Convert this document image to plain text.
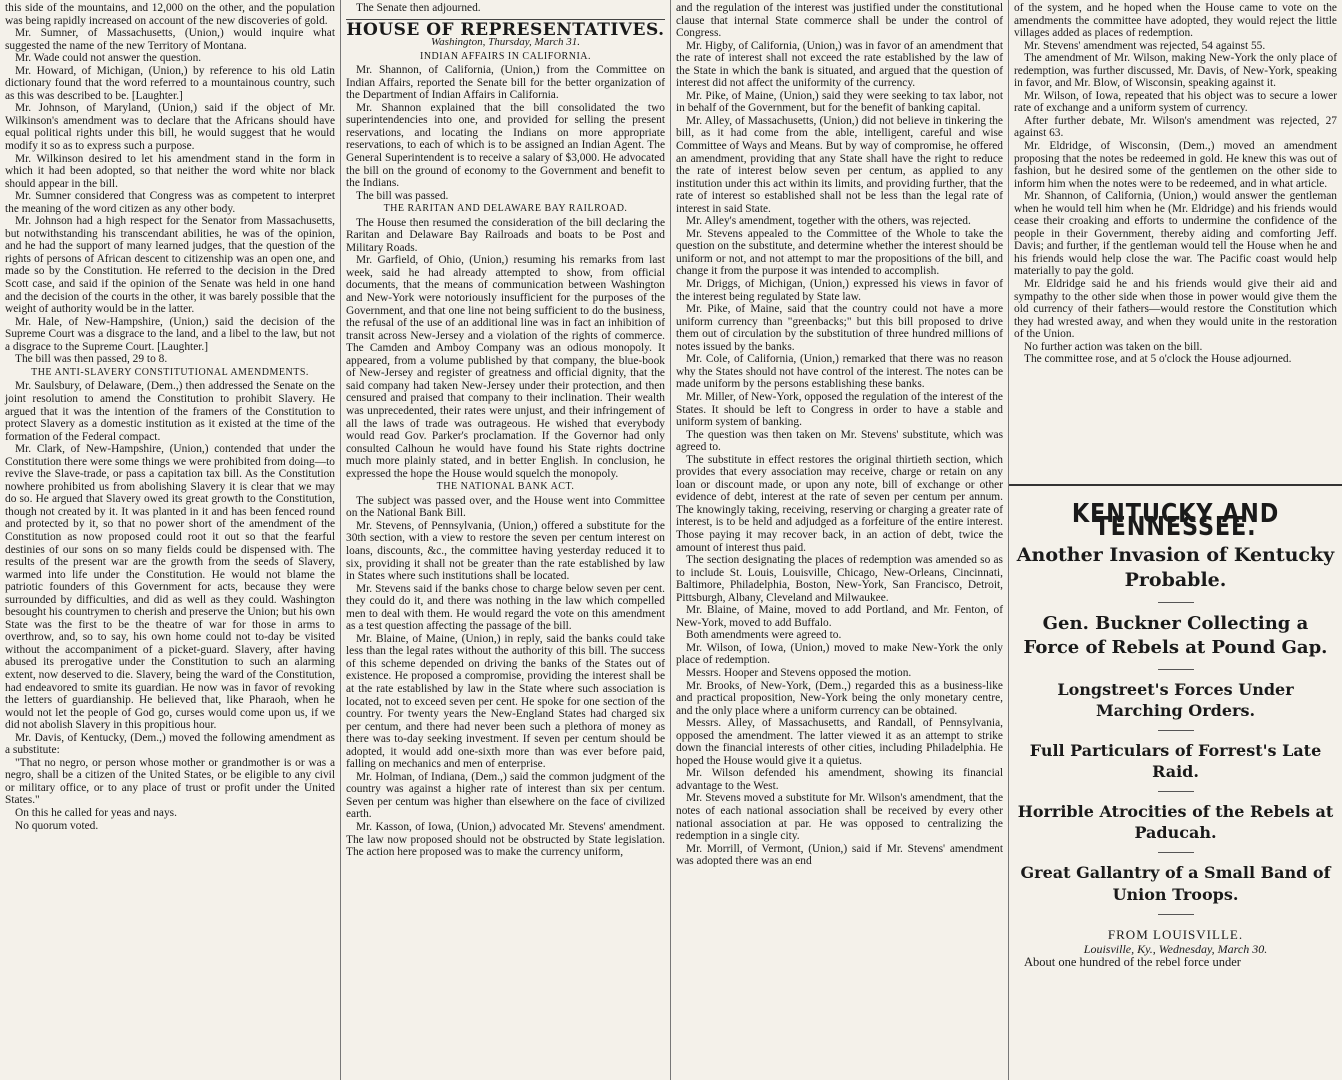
this side of the mountains, and 12,000 on the other, and the population was being rapidly increased on account of the new discoveries of gold.

Mr. Sumner, of Massachusetts, (Union,) would inquire what suggested the name of the new Territory of Montana.

Mr. Wade could not answer the question.

Mr. Howard, of Michigan, (Union,) by reference to his old Latin dictionary found that the word referred to a mountainous country, such as this was described to be. [Laughter.]

Mr. Johnson, of Maryland, (Union,) said if the object of Mr. Wilkinson's amendment was to declare that the Africans should have equal political rights under this bill, he would suggest that he would modify it so as to express such a purpose.

Mr. Wilkinson desired to let his amendment stand in the form in which it had been adopted, so that neither the word white nor black should appear in the bill.

Mr. Sumner considered that Congress was as competent to interpret the meaning of the word citizen as any other body.

Mr. Johnson had a high respect for the Senator from Massachusetts, but notwithstanding his transcendant abilities, he was of the opinion, and he had the support of many learned judges, that the question of the rights of persons of African descent to citizenship was an open one, and made so by the Constitution. He referred to the decision in the Dred Scott case, and said if the opinion of the Senate was held in one hand and the decision of the courts in the other, it was barely possible that the weight of authority would be in the latter.

Mr. Hale, of New-Hampshire, (Union,) said the decision of the Supreme Court was a disgrace to the land, and a libel to the law, but not a disgrace to the Supreme Court. [Laughter.]

The bill was then passed, 29 to 8.

THE ANTI-SLAVERY CONSTITUTIONAL AMENDMENTS.

Mr. Saulsbury, of Delaware, (Dem.,) then addressed the Senate on the joint resolution to amend the Constitution to prohibit Slavery. He argued that it was the intention of the framers of the Constitution to protect Slavery as a domestic institution as it existed at the time of the formation of the Federal compact.

Mr. Clark, of New-Hampshire, (Union,) contended that under the Constitution there were some things we were prohibited from doing—to revive the Slave-trade, or pass a capitation tax bill. As the Constitution nowhere prohibited us from abolishing Slavery it is clear that we may do so. He argued that Slavery owed its great growth to the Constitution, though not created by it. It was planted in it and has been fenced round and protected by it, so that no power short of the amendment of the Constitution as now proposed could root it out so that the fearful destinies of our sons on so many fields could be dispensed with. The results of the present war are the growth from the seeds of Slavery, warmed into life under the Constitution. He would not blame the patriotic founders of this Government for acts, because they were surrounded by difficulties, and did as well as they could. Washington besought his countrymen to cherish and preserve the Union; but his own State was the first to be the theatre of war for those in arms to overthrow, and, so to say, his own home could not to-day be visited without the accompaniment of a picket-guard. Slavery, after having abused its prerogative under the Constitution to such an alarming extent, now deserved to die. Slavery, being the ward of the Constitution, had endeavored to smite its guardian. He now was in favor of revoking the letters of guardianship. He believed that, like Pharaoh, when he would not let the people of God go, curses would come upon us, if we did not abolish Slavery in this propitious hour.

Mr. Davis, of Kentucky, (Dem.,) moved the following amendment as a substitute:

"That no negro, or person whose mother or grandmother is or was a negro, shall be a citizen of the United States, or be eligible to any civil or military office, or to any place of trust or profit under the United States."

On this he called for yeas and nays.

No quorum voted.

The Senate then adjourned.

HOUSE OF REPRESENTATIVES.
Washington, Thursday, March 31.
INDIAN AFFAIRS IN CALIFORNIA.

Mr. Shannon, of California, (Union,) from the Committee on Indian Affairs, reported the Senate bill for the better organization of the Department of Indian Affairs in California.

Mr. Shannon explained that the bill consolidated the two superintendencies into one, and provided for selling the present reservations, and locating the Indians on more appropriate reservations, to each of which is to be assigned an Indian Agent. The General Superintendent is to receive a salary of $3,000. He advocated the bill on the ground of economy to the Government and benefit to the Indians.

The bill was passed.

THE RARITAN AND DELAWARE BAY RAILROAD.

The House then resumed the consideration of the bill declaring the Raritan and Delaware Bay Railroads and boats to be Post and Military Roads.

Mr. Garfield, of Ohio, (Union,) resuming his remarks from last week, said he had already attempted to show, from official documents, that the means of communication between Washington and New-York were notoriously insufficient for the purposes of the Government, and that one line not being sufficient to do the business, the refusal of the use of an additional line was in fact an inhibition of transit across New-Jersey and a violation of the rights of commerce. The Camden and Amboy Company was an odious monopoly. It appeared, from a volume published by that company, the blue-book of New-Jersey and register of greatness and official dignity, that the said company had taken New-Jersey under their protection, and then censured and praised that company to their inclination. Their wealth was unprecedented, their rates were unjust, and their infringement of all the laws of trade was outrageous. He wished that everybody would read Gov. Parker's proclamation. If the Governor had only consulted Calhoun he would have found his State rights doctrine much more plainly stated, and in better English. In conclusion, he expressed the hope the House would squelch the monopoly.

THE NATIONAL BANK ACT.

The subject was passed over, and the House went into Committee on the National Bank Bill.

Mr. Stevens, of Pennsylvania, (Union,) offered a substitute for the 30th section, with a view to restore the seven per centum interest on loans, discounts, &c., the committee having yesterday reduced it to six, providing it shall not be greater than the rate established by law in States where such institutions shall be located.

Mr. Stevens said if the banks chose to charge below seven per cent. they could do it, and there was nothing in the law which compelled men to deal with them. He would regard the vote on this amendment as a test question affecting the passage of the bill.

Mr. Blaine, of Maine, (Union,) in reply, said the banks could take less than the legal rates without the authority of this bill. The success of this scheme depended on driving the banks of the States out of existence. He proposed a compromise, providing the interest shall be at the rate established by law in the State where such association is located, not to exceed seven per cent. He spoke for one section of the country. For twenty years the New-England States had charged six per centum, and there had never been such a plethora of money as there was to-day seeking investment. If seven per centum should be adopted, it would add one-sixth more than was ever before paid, falling on mechanics and men of enterprise.

Mr. Holman, of Indiana, (Dem.,) said the common judgment of the country was against a higher rate of interest than six per centum. Seven per centum was higher than elsewhere on the face of civilized earth.

Mr. Kasson, of Iowa, (Union,) advocated Mr. Stevens' amendment. The law now proposed should not be obstructed by State legislation. The action here proposed was to make the currency uniform,

and the regulation of the interest was justified under the constitutional clause that internal State commerce shall be under the control of Congress.

Mr. Higby, of California, (Union,) was in favor of an amendment that the rate of interest shall not exceed the rate established by the law of the State in which the bank is situated, and argued that the question of interest did not affect the uniformity of the currency.

Mr. Pike, of Maine, (Union,) said they were seeking to tax labor, not in behalf of the Government, but for the benefit of banking capital.

Mr. Alley, of Massachusetts, (Union,) did not believe in tinkering the bill, as it had come from the able, intelligent, careful and wise Committee of Ways and Means. But by way of compromise, he offered an amendment, providing that any State shall have the right to reduce the rate of interest below seven per centum, as applied to any institution under this act within its limits, and providing further, that the rate of interest so established shall not be less than the legal rate of interest in said State.

Mr. Alley's amendment, together with the others, was rejected.

Mr. Stevens appealed to the Committee of the Whole to take the question on the substitute, and determine whether the interest should be uniform or not, and not attempt to mar the propositions of the bill, and change it from the purpose it was intended to accomplish.

Mr. Driggs, of Michigan, (Union,) expressed his views in favor of the interest being regulated by State law.

Mr. Pike, of Maine, said that the country could not have a more uniform currency than "greenbacks;" but this bill proposed to drive them out of circulation by the substitution of three hundred millions of notes issued by the banks.

Mr. Cole, of California, (Union,) remarked that there was no reason why the States should not have control of the interest. The notes can be made uniform by the persons establishing these banks.

Mr. Miller, of New-York, opposed the regulation of the interest of the States. It should be left to Congress in order to have a stable and uniform system of banking.

The question was then taken on Mr. Stevens' substitute, which was agreed to.

The substitute in effect restores the original thirtieth section, which provides that every association may receive, charge or retain on any loan or discount made, or upon any note, bill of exchange or other evidence of debt, interest at the rate of seven per centum per annum. The knowingly taking, receiving, reserving or charging a greater rate of interest, is to be held and adjudged as a forfeiture of the entire interest. Those paying it may recover back, in an action of debt, twice the amount of interest thus paid.

The section designating the places of redemption was amended so as to include St. Louis, Louisville, Chicago, New-Orleans, Cincinnati, Baltimore, Philadelphia, Boston, New-York, San Francisco, Detroit, Pittsburgh, Albany, Cleveland and Milwaukee.

Mr. Blaine, of Maine, moved to add Portland, and Mr. Fenton, of New-York, moved to add Buffalo.

Both amendments were agreed to.

Mr. Wilson, of Iowa, (Union,) moved to make New-York the only place of redemption.

Messrs. Hooper and Stevens opposed the motion.

Mr. Brooks, of New-York, (Dem.,) regarded this as a business-like and practical proposition, New-York being the only monetary centre, and the only place where a uniform currency can be obtained.

Messrs. Alley, of Massachusetts, and Randall, of Pennsylvania, opposed the amendment. The latter viewed it as an attempt to strike down the financial interests of other cities, including Philadelphia. He hoped the House would give it a quietus.

Mr. Wilson defended his amendment, showing its financial advantage to the West.

Mr. Stevens moved a substitute for Mr. Wilson's amendment, that the notes of each national association shall be received by every other national association at par. He was opposed to centralizing the redemption in a single city.

Mr. Morrill, of Vermont, (Union,) said if Mr. Stevens' amendment was adopted there was an end

of the system, and he hoped when the House came to vote on the amendments the committee have adopted, they would reject the little villages added as places of redemption.

Mr. Stevens' amendment was rejected, 54 against 55.

The amendment of Mr. Wilson, making New-York the only place of redemption, was further discussed, Mr. Davis, of New-York, speaking in favor, and Mr. Blow, of Wisconsin, speaking against it.

Mr. Wilson, of Iowa, repeated that his object was to secure a lower rate of exchange and a uniform system of currency.

After further debate, Mr. Wilson's amendment was rejected, 27 against 63.

Mr. Eldridge, of Wisconsin, (Dem.,) moved an amendment proposing that the notes be redeemed in gold. He knew this was out of fashion, but he desired some of the gentlemen on the other side to inform him when the notes were to be redeemed, and in what article.

Mr. Shannon, of California, (Union,) would answer the gentleman when he would tell him when he (Mr. Eldridge) and his friends would cease their croaking and efforts to undermine the confidence of the people in their Government, thereby aiding and comforting Jeff. Davis; and further, if the gentleman would tell the House when he and his friends would help close the war. The Pacific coast would help materially to pay the gold.

Mr. Eldridge said he and his friends would give their aid and sympathy to the other side when those in power would give them the old currency of their fathers—would restore the Constitution which they had wrested away, and when they would unite in the restoration of the Union.

No further action was taken on the bill.

The committee rose, and at 5 o'clock the House adjourned.

KENTUCKY AND TENNESSEE.
Another Invasion of Kentucky Probable.
Gen. Buckner Collecting a Force of Rebels at Pound Gap.
Longstreet's Forces Under Marching Orders.
Full Particulars of Forrest's Late Raid.
Horrible Atrocities of the Rebels at Paducah.
Great Gallantry of a Small Band of Union Troops.
FROM LOUISVILLE.
Louisville, Ky., Wednesday, March 30.

About one hundred of the rebel force under
